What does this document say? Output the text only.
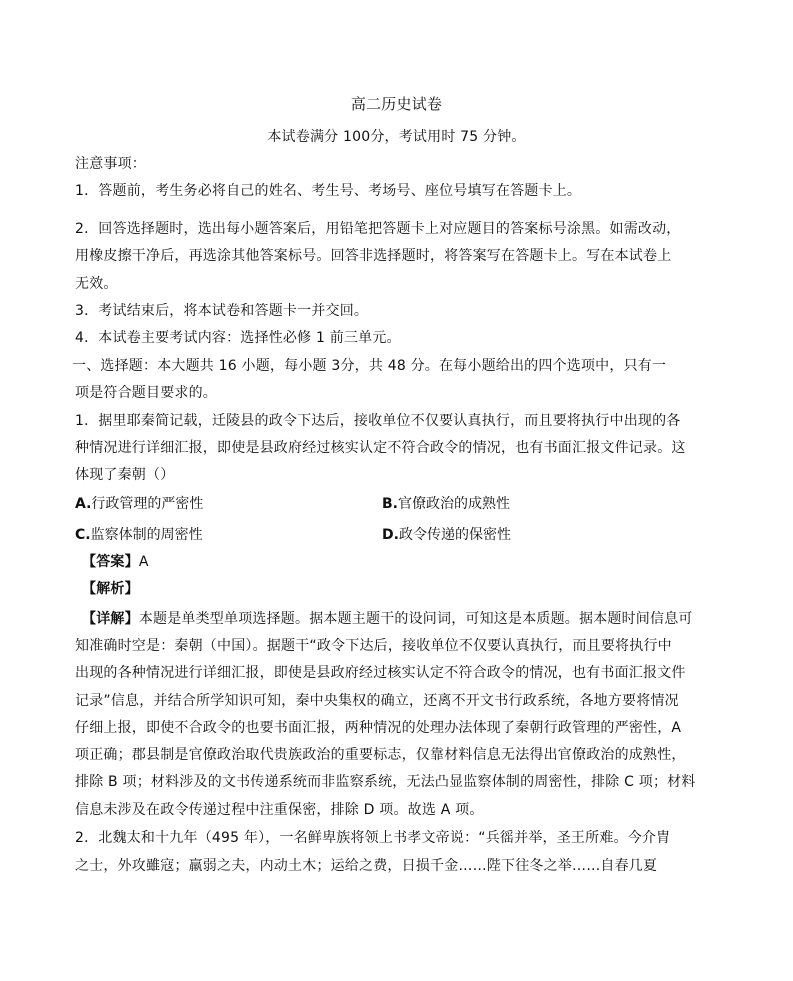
高二历史试卷
本试卷满分 100分，考试用时 75 分钟。
注意事项：
1．答题前，考生务必将自己的姓名、考生号、考场号、座位号填写在答题卡上。
2．回答选择题时，选出每小题答案后，用铅笔把答题卡上对应题目的答案标号涂黑。如需改动，
用橡皮擦干净后，再选涂其他答案标号。回答非选择题时，将答案写在答题卡上。写在本试卷上
无效。
3．考试结束后，将本试卷和答题卡一并交回。
4．本试卷主要考试内容：选择性必修 1 前三单元。
一、选择题：本大题共 16 小题，每小题 3分，共 48 分。在每小题给出的四个选项中，只有一
项是符合题目要求的。
1．据里耶秦简记载，迁陵县的政令下达后，接收单位不仅要认真执行，而且要将执行中出现的各
种情况进行详细汇报，即使是县政府经过核实认定不符合政令的情况，也有书面汇报文件记录。这
体现了秦朝（）
A.行政管理的严密性	B.官僚政治的成熟性
C.监察体制的周密性	D.政令传递的保密性
【答案】A
【解析】
【详解】本题是单类型单项选择题。据本题主题干的设问词，可知这是本质题。据本题时间信息可
知准确时空是：秦朝（中国）。据题干“政令下达后，接收单位不仅要认真执行，而且要将执行中
出现的各种情况进行详细汇报，即使是县政府经过核实认定不符合政令的情况，也有书面汇报文件
记录”信息，并结合所学知识可知，秦中央集权的确立，还离不开文书行政系统，各地方要将情况
仔细上报，即使不合政令的也要书面汇报，两种情况的处理办法体现了秦朝行政管理的严密性，A
项正确；郡县制是官僚政治取代贵族政治的重要标志，仅靠材料信息无法得出官僚政治的成熟性，
排除 B 项；材料涉及的文书传递系统而非监察系统，无法凸显监察体制的周密性，排除 C 项；材料
信息未涉及在政令传递过程中注重保密，排除 D 项。故选 A 项。
2．北魏太和十九年（495 年），一名鲜卑族将领上书孝文帝说：“兵徭并举，圣王所难。今介胄
之士，外攻雖寇；羸弱之夫，内动土木；运给之费，日损千金……陛下往冬之举……自春几夏
